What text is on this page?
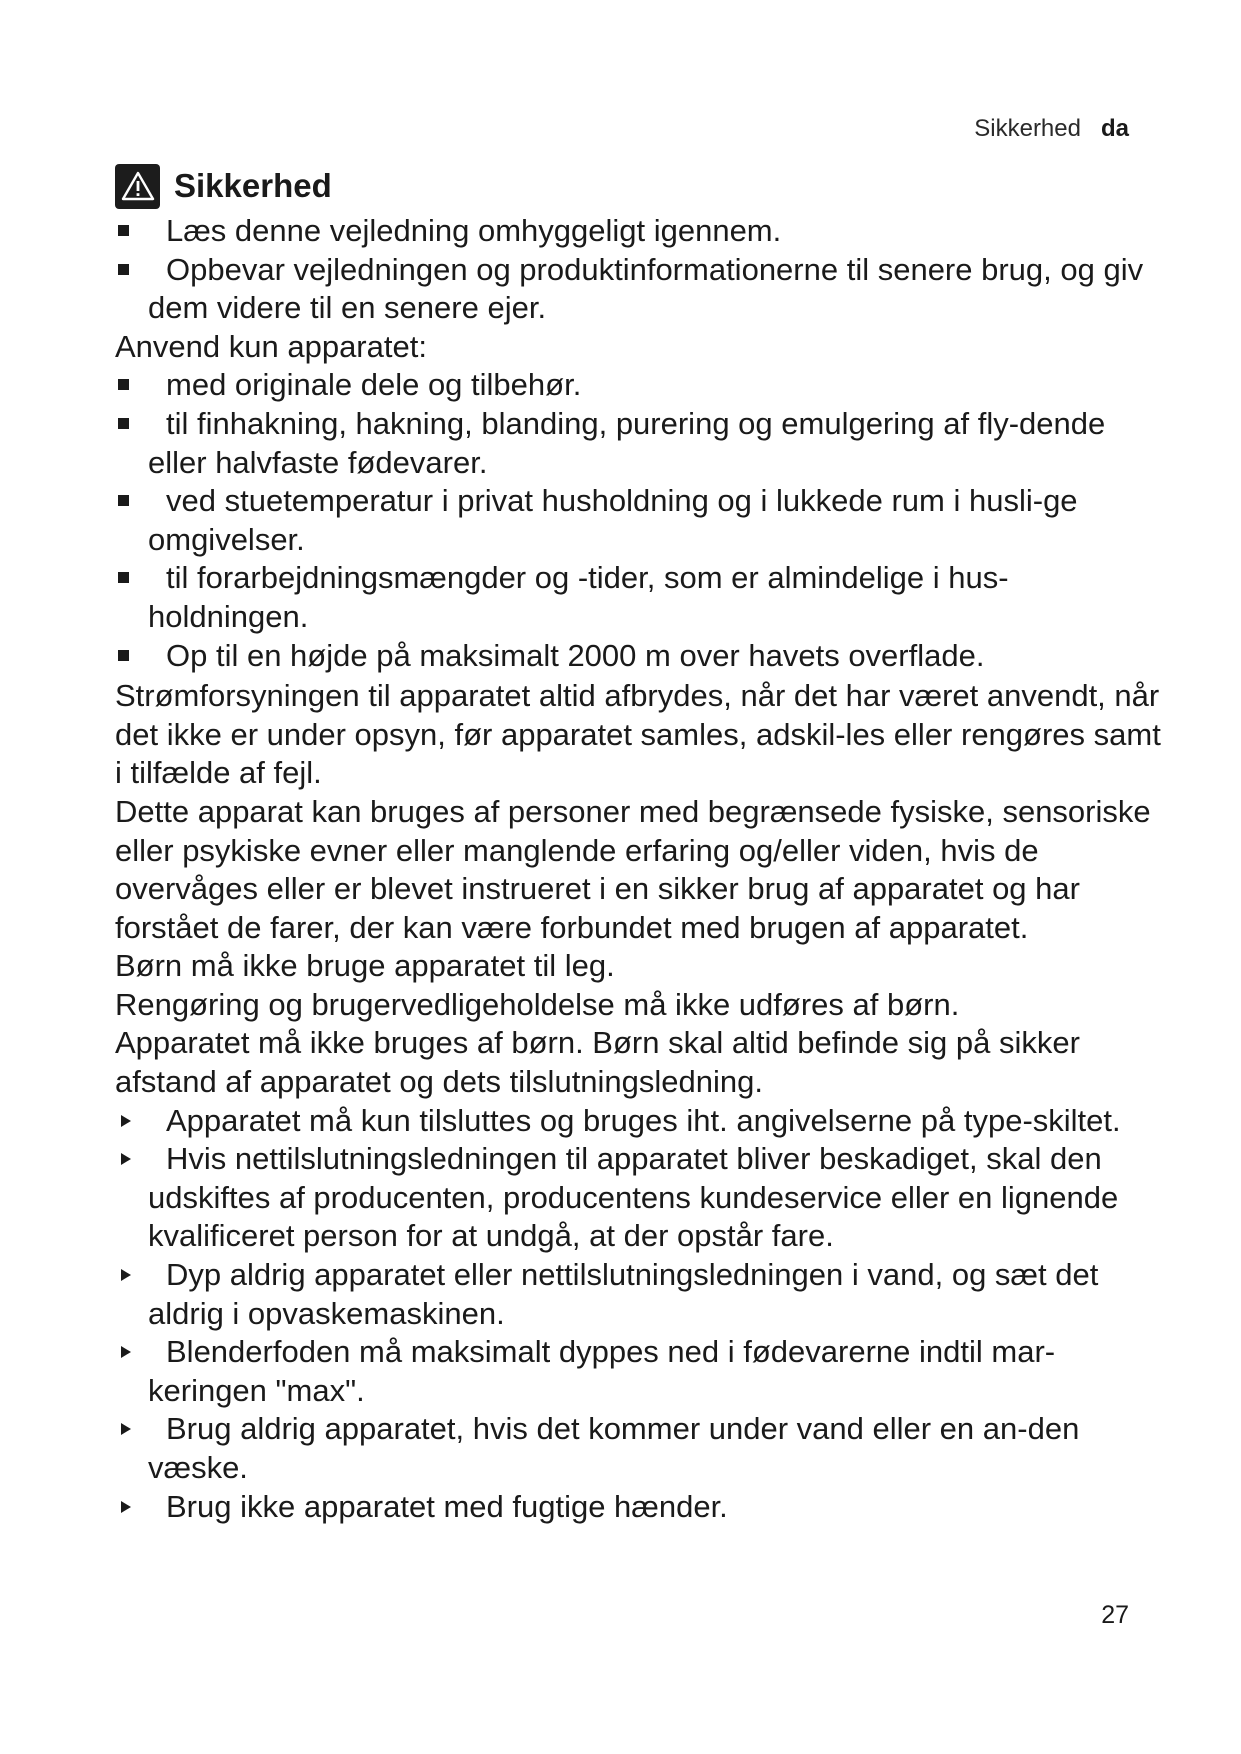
Sikkerhed da
Sikkerhed

Læs denne vejledning omhyggeligt igennem.

Opbevar vejledningen og produktinformationerne til senere brug, og giv dem videre til en senere ejer.

Anvend kun apparatet:

med originale dele og tilbehør.

til finhakning, hakning, blanding, purering og emulgering af fly-dende eller halvfaste fødevarer.

ved stuetemperatur i privat husholdning og i lukkede rum i husli-ge omgivelser.

til forarbejdningsmængder og -tider, som er almindelige i hus-holdningen.

Op til en højde på maksimalt 2000 m over havets overflade.

Strømforsyningen til apparatet altid afbrydes, når det har været anvendt, når det ikke er under opsyn, før apparatet samles, adskil-les eller rengøres samt i tilfælde af fejl.

Dette apparat kan bruges af personer med begrænsede fysiske, sensoriske eller psykiske evner eller manglende erfaring og/eller viden, hvis de overvåges eller er blevet instrueret i en sikker brug af apparatet og har forstået de farer, der kan være forbundet med brugen af apparatet.

Børn må ikke bruge apparatet til leg.

Rengøring og brugervedligeholdelse må ikke udføres af børn.

Apparatet må ikke bruges af børn. Børn skal altid befinde sig på sikker afstand af apparatet og dets tilslutningsledning.

Apparatet må kun tilsluttes og bruges iht. angivelserne på type-skiltet.

Hvis nettilslutningsledningen til apparatet bliver beskadiget, skal den udskiftes af producenten, producentens kundeservice eller en lignende kvalificeret person for at undgå, at der opstår fare.

Dyp aldrig apparatet eller nettilslutningsledningen i vand, og sæt det aldrig i opvaskemaskinen.

Blenderfoden må maksimalt dyppes ned i fødevarerne indtil mar-keringen "max".

Brug aldrig apparatet, hvis det kommer under vand eller en an-den væske.

Brug ikke apparatet med fugtige hænder.

27
